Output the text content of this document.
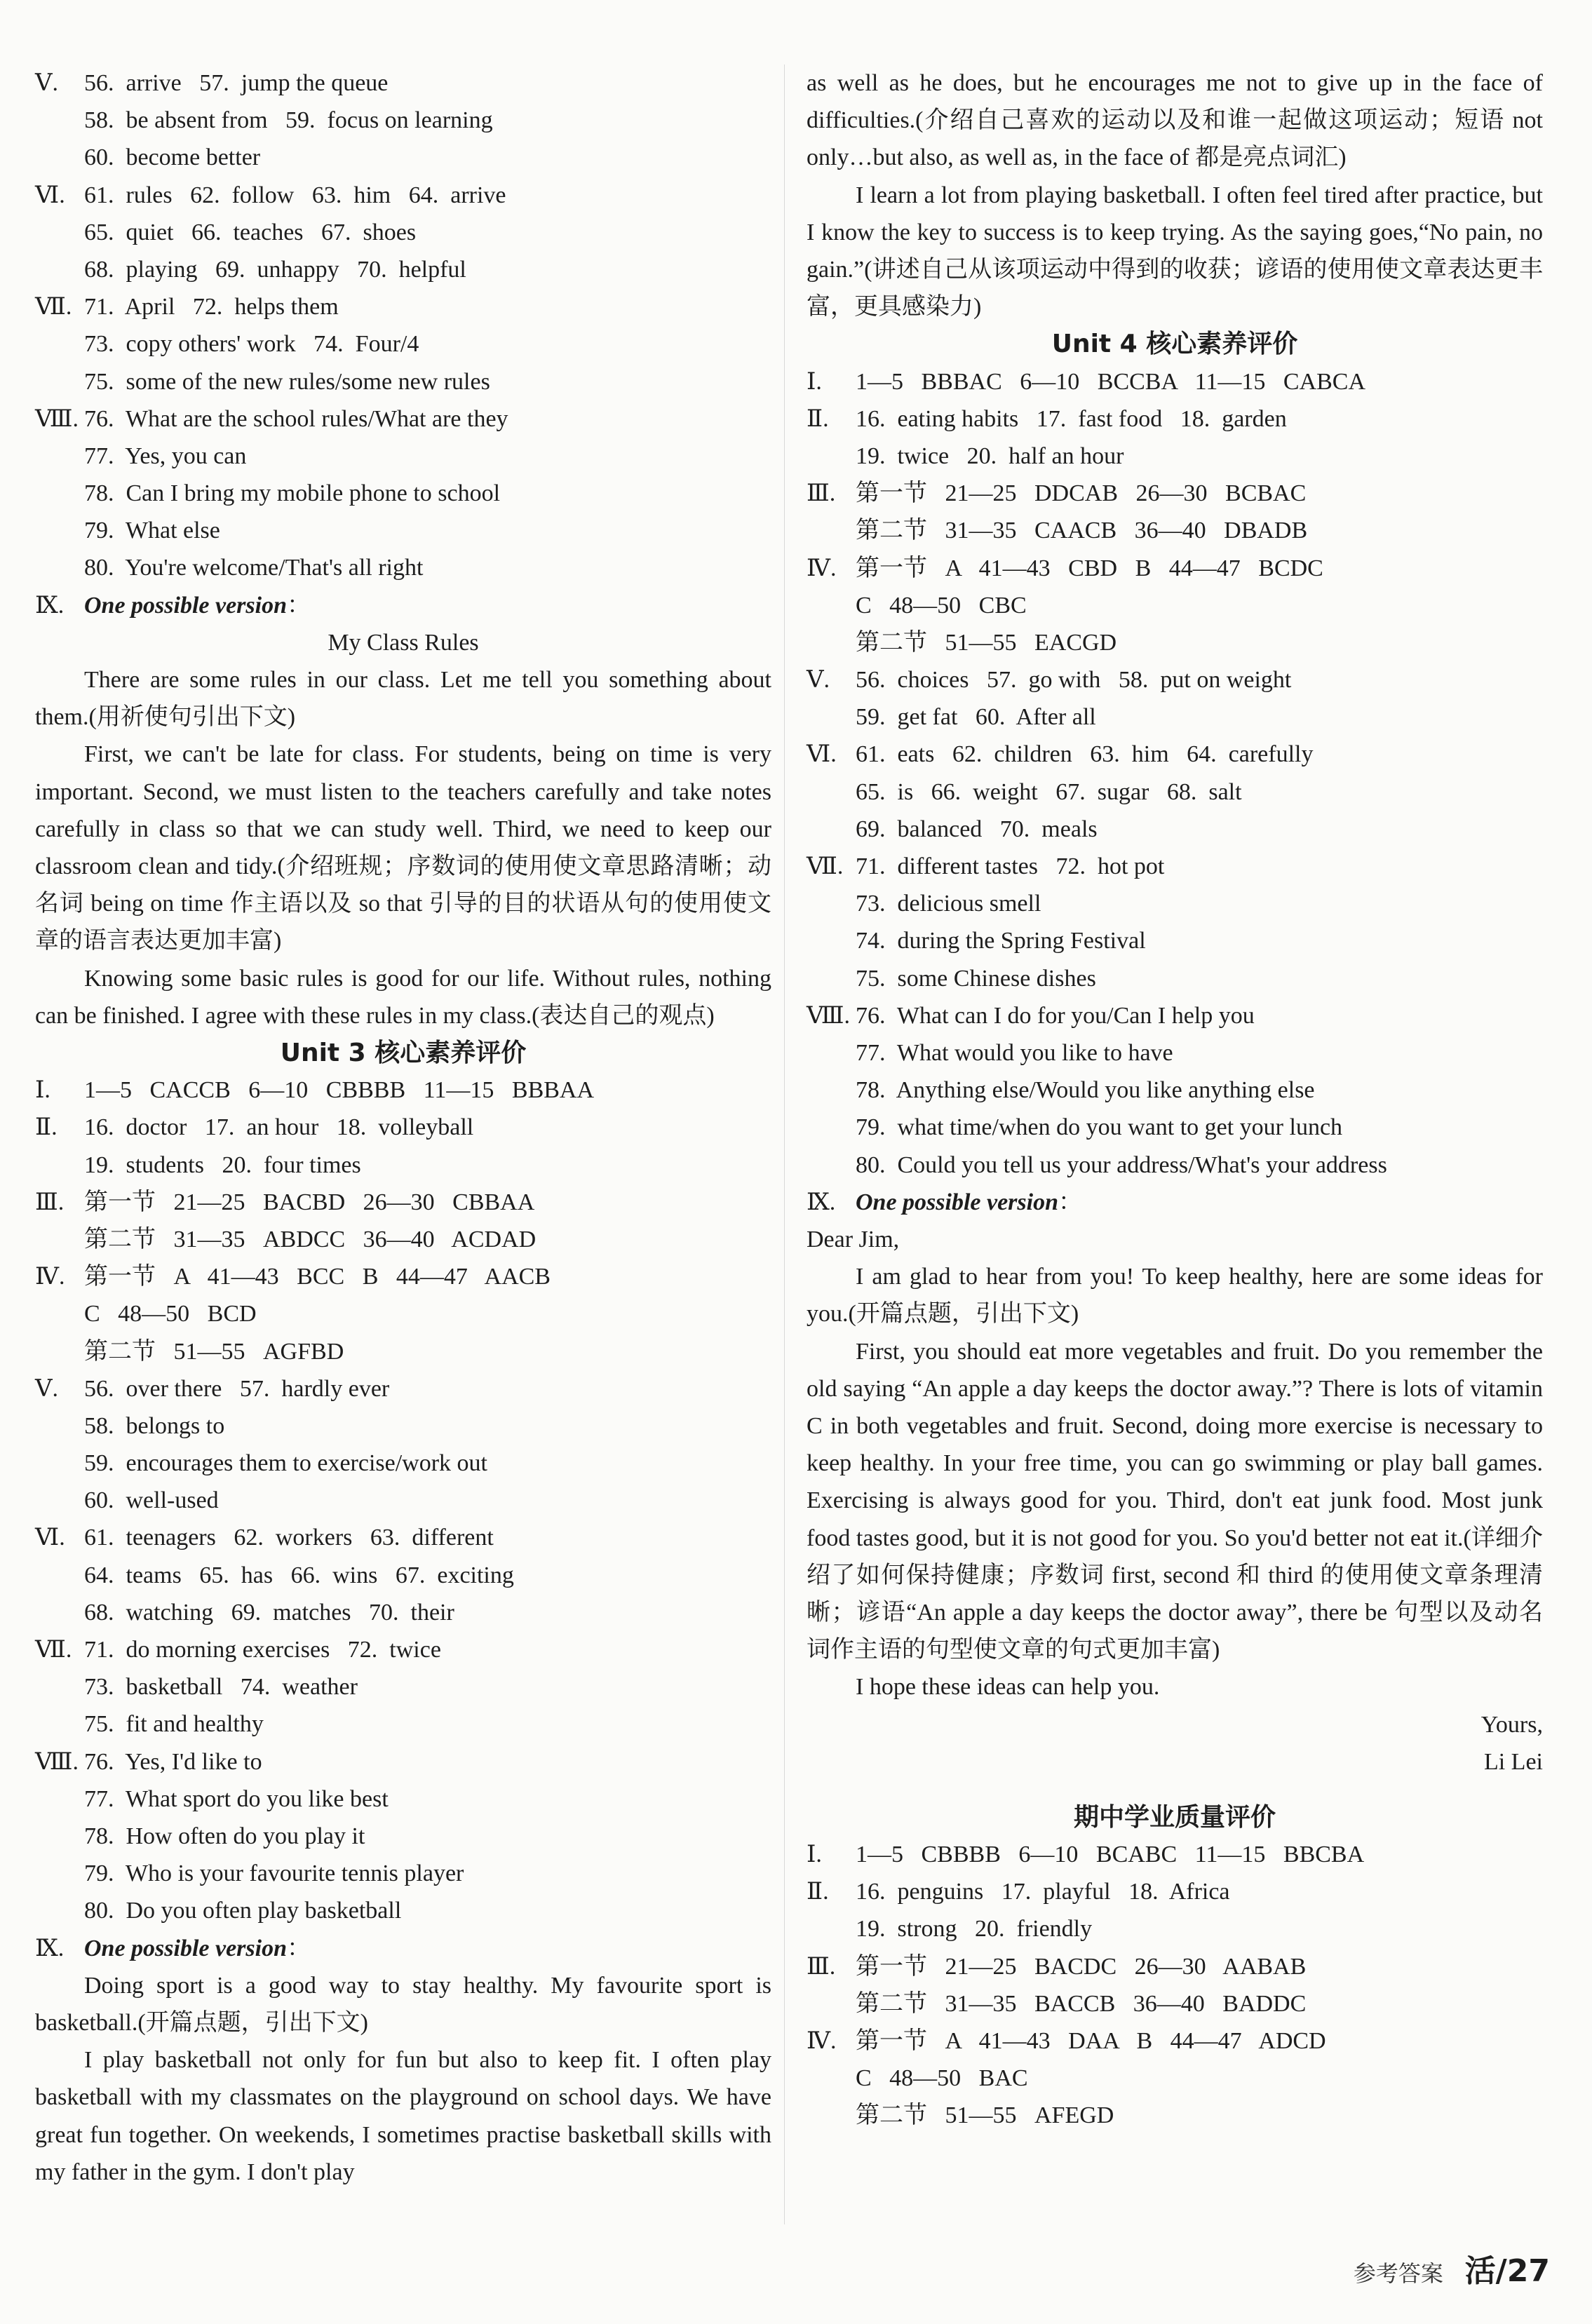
Ⅴ. 56.  arrive   57.  jump the queue
58.  be absent from   59.  focus on learning
60.  become better
Ⅵ. 61.  rules   62.  follow   63.  him   64.  arrive
65.  quiet   66.  teaches   67.  shoes
68.  playing   69.  unhappy   70.  helpful
Ⅶ. 71.  April   72.  helps them
73.  copy others' work   74.  Four/4
75.  some of the new rules/some new rules
Ⅷ. 76.  What are the school rules/What are they
77.  Yes, you can
78.  Can I bring my mobile phone to school
79.  What else
80.  You're welcome/That's all right
Ⅸ. One possible version：
My Class Rules
There are some rules in our class. Let me tell you something about them.(用祈使句引出下文)
First, we can't be late for class. For students, being on time is very important. Second, we must listen to the teachers carefully and take notes carefully in class so that we can study well. Third, we need to keep our classroom clean and tidy.(介绍班规；序数词的使用使文章思路清晰；动名词 being on time 作主语以及 so that 引导的目的状语从句的使用使文章的语言表达更加丰富)
Knowing some basic rules is good for our life. Without rules, nothing can be finished. I agree with these rules in my class.(表达自己的观点)
Unit 3 核心素养评价
Ⅰ. 1—5   CACCB   6—10   CBBBB   11—15   BBBAA
Ⅱ. 16.  doctor   17.  an hour   18.  volleyball
19.  students   20.  four times
Ⅲ. 第一节   21—25   BACBD   26—30   CBBAA
第二节   31—35   ABDCC   36—40   ACDAD
Ⅳ. 第一节   A   41—43   BCC   B   44—47   AACB
C   48—50   BCD
第二节   51—55   AGFBD
Ⅴ. 56.  over there   57.  hardly ever
58.  belongs to
59.  encourages them to exercise/work out
60.  well-used
Ⅵ. 61.  teenagers   62.  workers   63.  different
64.  teams   65.  has   66.  wins   67.  exciting
68.  watching   69.  matches   70.  their
Ⅶ. 71.  do morning exercises   72.  twice
73.  basketball   74.  weather
75.  fit and healthy
Ⅷ. 76.  Yes, I'd like to
77.  What sport do you like best
78.  How often do you play it
79.  Who is your favourite tennis player
80.  Do you often play basketball
Ⅸ. One possible version：
Doing sport is a good way to stay healthy. My favourite sport is basketball.(开篇点题，引出下文)
I play basketball not only for fun but also to keep fit. I often play basketball with my classmates on the playground on school days. We have great fun together. On weekends, I sometimes practise basketball skills with my father in the gym. I don't play
as well as he does, but he encourages me not to give up in the face of difficulties.(介绍自己喜欢的运动以及和谁一起做这项运动；短语 not only…but also, as well as, in the face of 都是亮点词汇)
I learn a lot from playing basketball. I often feel tired after practice, but I know the key to success is to keep trying. As the saying goes,“No pain, no gain.”(讲述自己从该项运动中得到的收获；谚语的使用使文章表达更丰富，更具感染力)
Unit 4 核心素养评价
Ⅰ. 1—5   BBBAC   6—10   BCCBA   11—15   CABCA
Ⅱ. 16.  eating habits   17.  fast food   18.  garden
19.  twice   20.  half an hour
Ⅲ. 第一节   21—25   DDCAB   26—30   BCBAC
第二节   31—35   CAACB   36—40   DBADB
Ⅳ. 第一节   A   41—43   CBD   B   44—47   BCDC
C   48—50   CBC
第二节   51—55   EACGD
Ⅴ. 56.  choices   57.  go with   58.  put on weight
59.  get fat   60.  After all
Ⅵ. 61.  eats   62.  children   63.  him   64.  carefully
65.  is   66.  weight   67.  sugar   68.  salt
69.  balanced   70.  meals
Ⅶ. 71.  different tastes   72.  hot pot
73.  delicious smell
74.  during the Spring Festival
75.  some Chinese dishes
Ⅷ. 76.  What can I do for you/Can I help you
77.  What would you like to have
78.  Anything else/Would you like anything else
79.  what time/when do you want to get your lunch
80.  Could you tell us your address/What's your address
Ⅸ. One possible version：
Dear Jim,
I am glad to hear from you! To keep healthy, here are some ideas for you.(开篇点题，引出下文)
First, you should eat more vegetables and fruit. Do you remember the old saying “An apple a day keeps the doctor away.”? There is lots of vitamin C in both vegetables and fruit. Second, doing more exercise is necessary to keep healthy. In your free time, you can go swimming or play ball games. Exercising is always good for you. Third, don't eat junk food. Most junk food tastes good, but it is not good for you. So you'd better not eat it.(详细介绍了如何保持健康；序数词 first, second 和 third 的使用使文章条理清晰；谚语“An apple a day keeps the doctor away”, there be 句型以及动名词作主语的句型使文章的句式更加丰富)
I hope these ideas can help you.
Yours,
Li Lei
期中学业质量评价
Ⅰ. 1—5   CBBBB   6—10   BCABC   11—15   BBCBA
Ⅱ. 16.  penguins   17.  playful   18.  Africa
19.  strong   20.  friendly
Ⅲ. 第一节   21—25   BACDC   26—30   AABAB
第二节   31—35   BACCB   36—40   BADDC
Ⅳ. 第一节   A   41—43   DAA   B   44—47   ADCD
C   48—50   BAC
第二节   51—55   AFEGD
参考答案 活/27
